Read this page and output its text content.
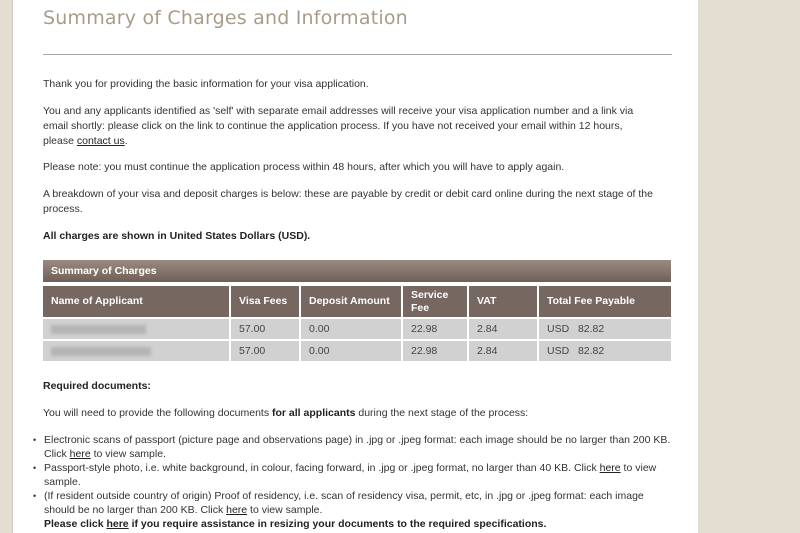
Summary of Charges and Information

Thank you for providing the basic information for your visa application.

You and any applicants identified as 'self' with separate email addresses will receive your visa application number and a link via email shortly: please click on the link to continue the application process. If you have not received your email within 12 hours, please contact us.

Please note: you must continue the application process within 48 hours, after which you will have to apply again.

A breakdown of your visa and deposit charges is below: these are payable by credit or debit card online during the next stage of the process.

All charges are shown in United States Dollars (USD).

Summary of Charges
Name of Applicant	Visa Fees	Deposit Amount	Service Fee	VAT	Total Fee Payable
	57.00	0.00	22.98	2.84	USD 82.82
	57.00	0.00	22.98	2.84	USD 82.82

Required documents:

You will need to provide the following documents for all applicants during the next stage of the process:

• Electronic scans of passport (picture page and observations page) in .jpg or .jpeg format: each image should be no larger than 200 KB. Click here to view sample.
• Passport-style photo, i.e. white background, in colour, facing forward, in .jpg or .jpeg format, no larger than 40 KB. Click here to view sample.
• (If resident outside country of origin) Proof of residency, i.e. scan of residency visa, permit, etc, in .jpg or .jpeg format: each image should be no larger than 200 KB. Click here to view sample.
Please click here if you require assistance in resizing your documents to the required specifications.
